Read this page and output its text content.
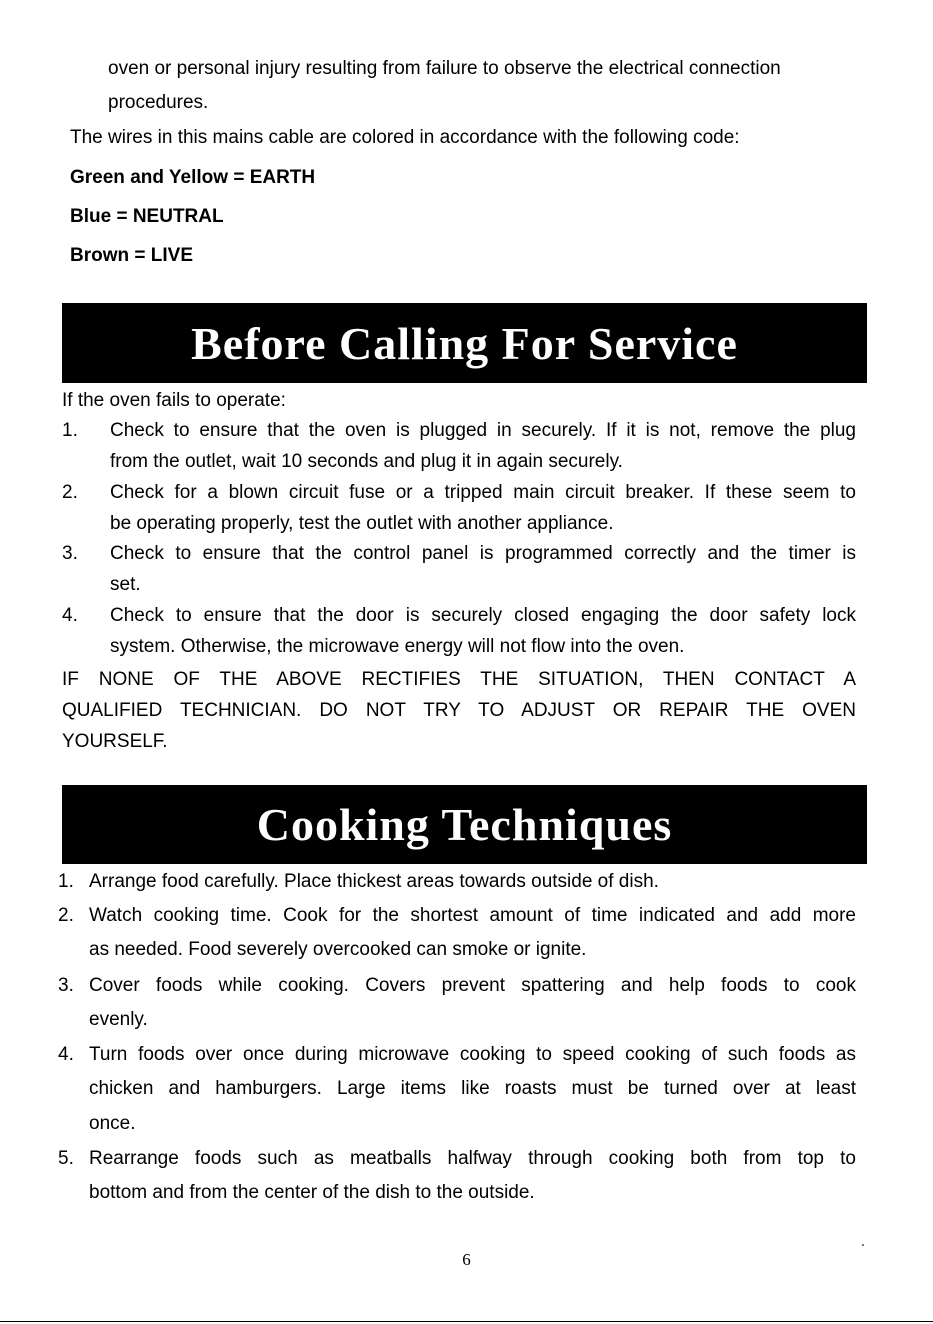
oven or personal injury resulting from failure to observe the electrical connection
procedures.
The wires in this mains cable are colored in accordance with the following code:
Green and Yellow = EARTH
Blue = NEUTRAL
Brown = LIVE
Before Calling For Service
If the oven fails to operate:
1. Check to ensure that the oven is plugged in securely. If it is not, remove the plug
from the outlet, wait 10 seconds and plug it in again securely.
2. Check for a blown circuit fuse or a tripped main circuit breaker. If these seem to
be operating properly, test the outlet with another appliance.
3. Check to ensure that the control panel is programmed correctly and the timer is
set.
4. Check to ensure that the door is securely closed engaging the door safety lock
system. Otherwise, the microwave energy will not flow into the oven.
IF NONE OF THE ABOVE RECTIFIES THE SITUATION, THEN CONTACT A
QUALIFIED TECHNICIAN. DO NOT TRY TO ADJUST OR REPAIR THE OVEN
YOURSELF.
Cooking Techniques
1. Arrange food carefully. Place thickest areas towards outside of dish.
2. Watch cooking time. Cook for the shortest amount of time indicated and add more
as needed. Food severely overcooked can smoke or ignite.
3. Cover foods while cooking. Covers prevent spattering and help foods to cook
evenly.
4. Turn foods over once during microwave cooking to speed cooking of such foods as
chicken and hamburgers. Large items like roasts must be turned over at least
once.
5. Rearrange foods such as meatballs halfway through cooking both from top to
bottom and from the center of the dish to the outside.
6
